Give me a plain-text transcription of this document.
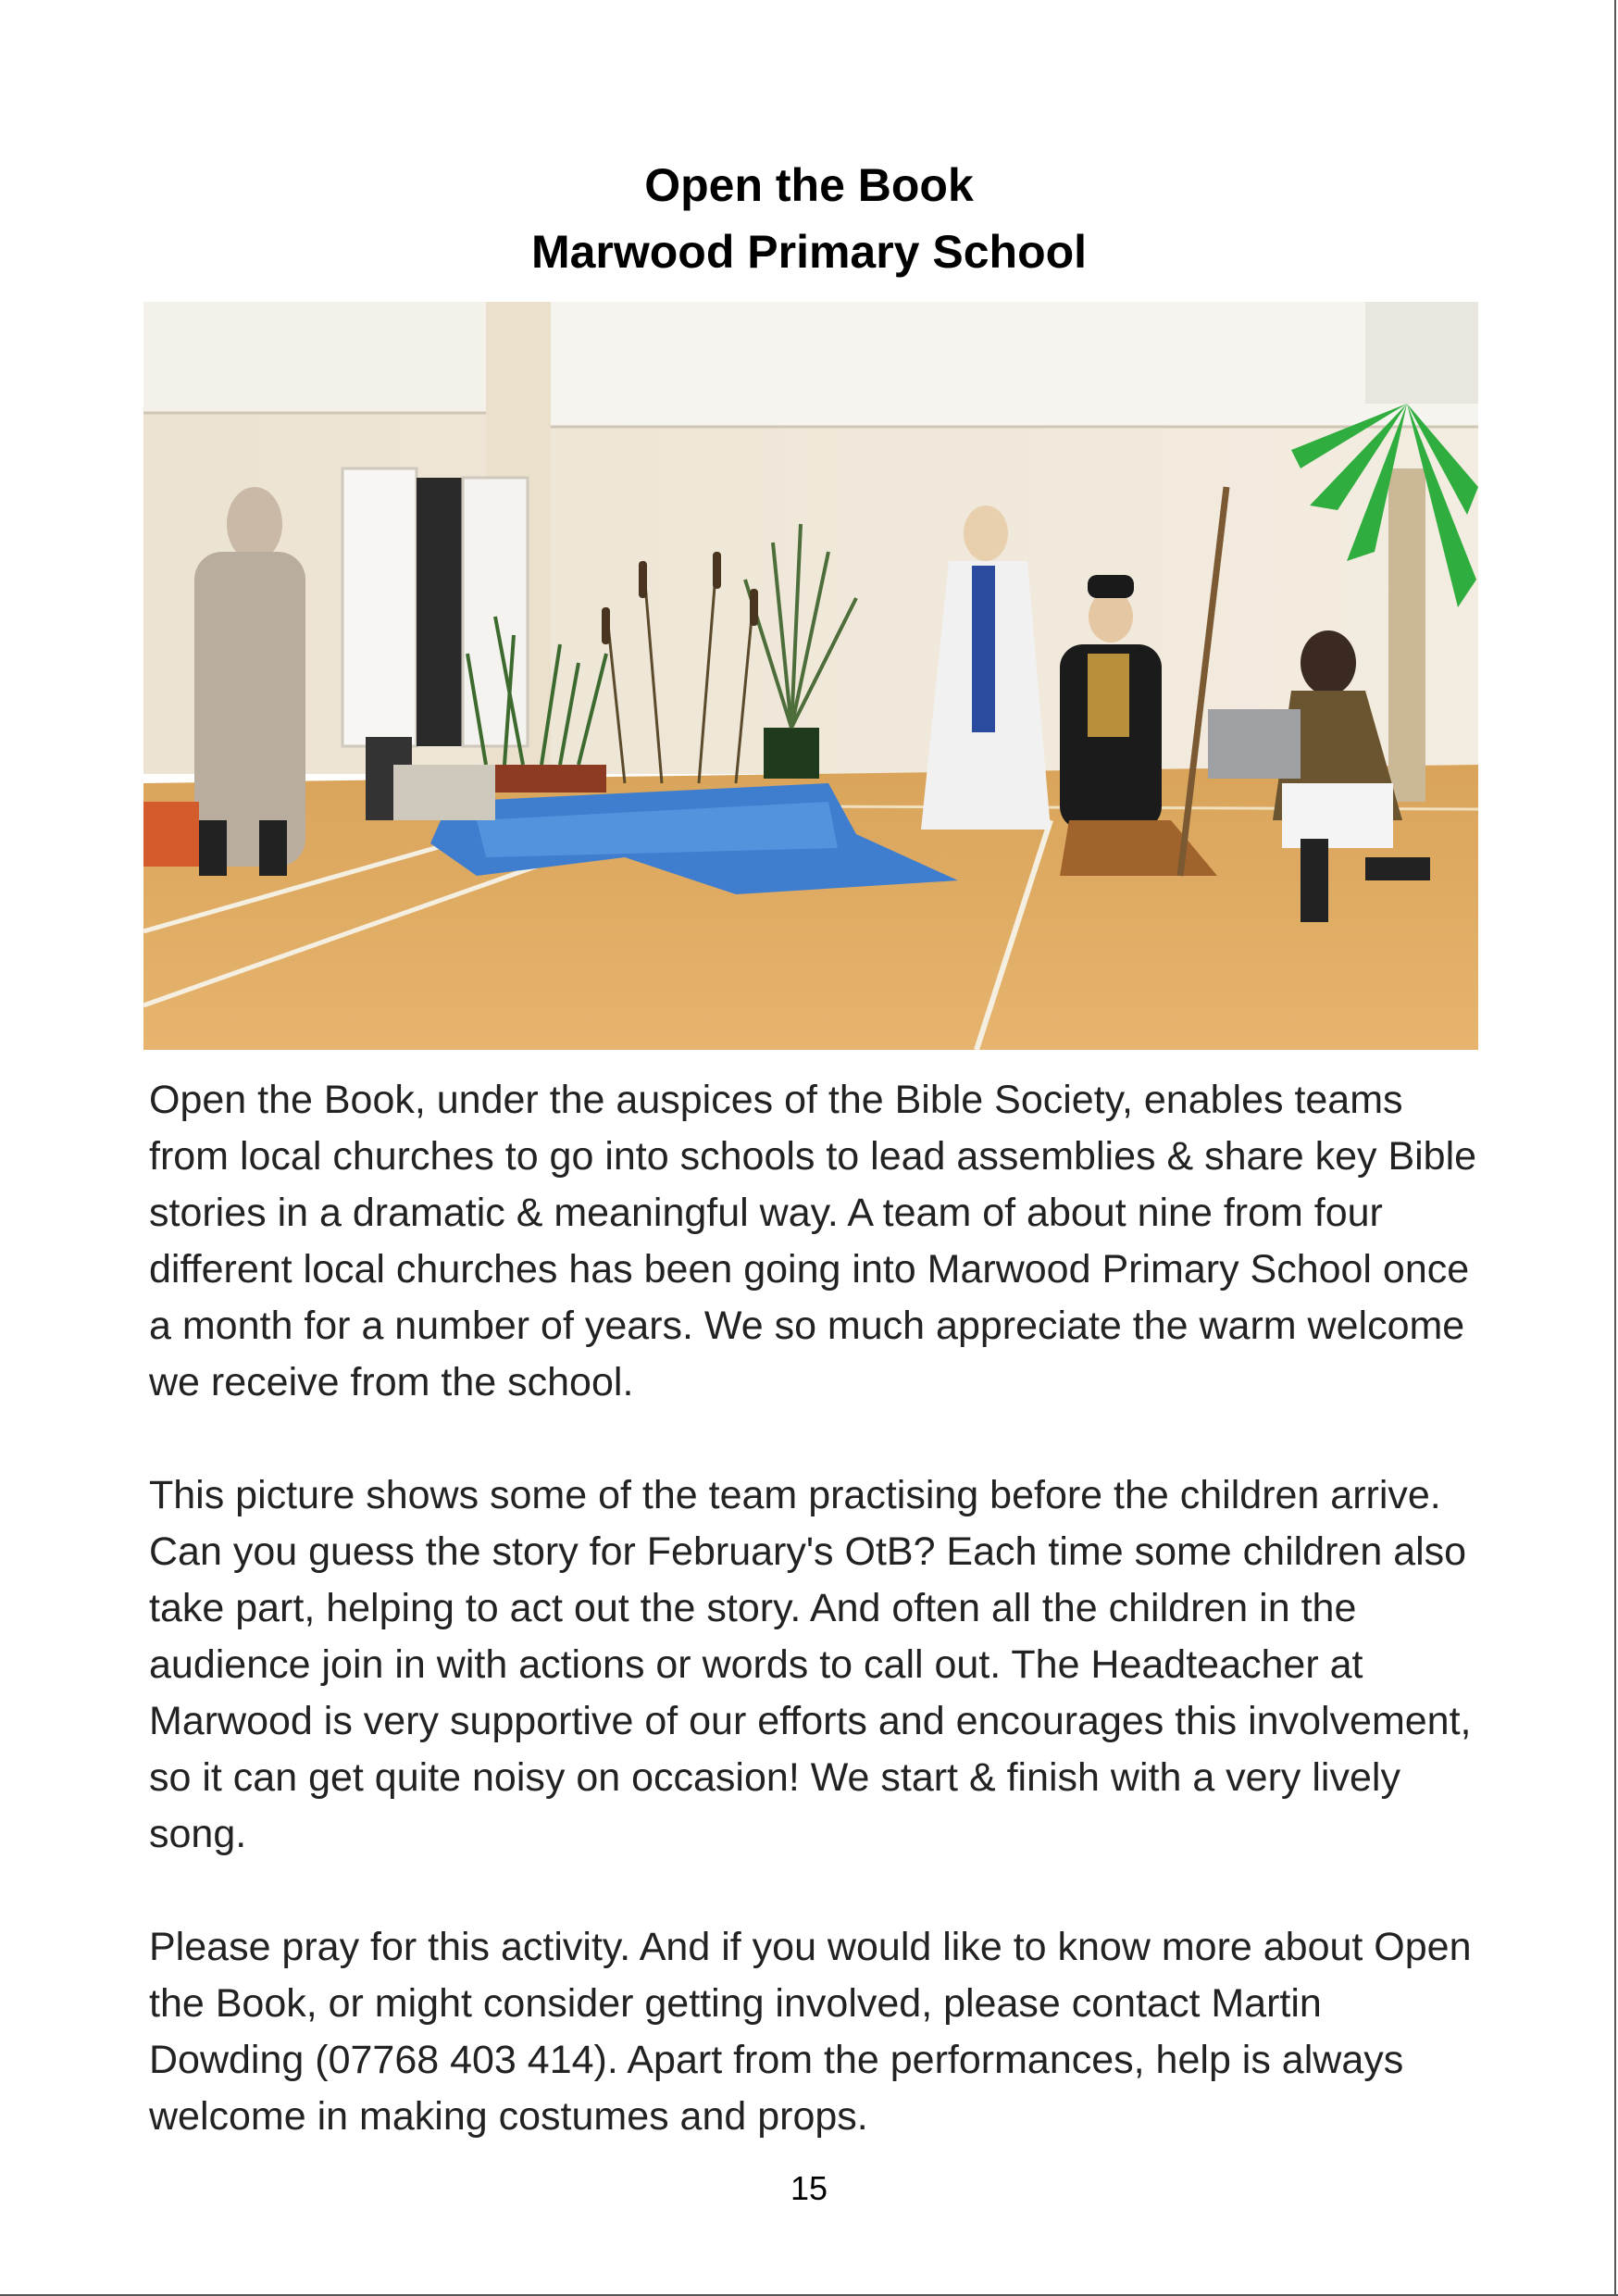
Open the Book
Marwood Primary School

Open the Book, under the auspices of the Bible Society, enables teams from local churches to go into schools to lead assemblies & share key Bible stories in a dramatic & meaningful way. A team of about nine from four different local churches has been going into Marwood Primary School once a month for a number of years. We so much appreciate the warm welcome we receive from the school.

This picture shows some of the team practising before the children arrive. Can you guess the story for February's OtB? Each time some children also take part, helping to act out the story. And often all the children in the audience join in with actions or words to call out. The Headteacher at Marwood is very supportive of our efforts and encourages this involvement, so it can get quite noisy on occasion! We start & finish with a very lively song.

Please pray for this activity. And if you would like to know more about Open the Book, or might consider getting involved, please contact Martin Dowding (07768 403 414). Apart from the performances, help is always welcome in making costumes and props.

15
